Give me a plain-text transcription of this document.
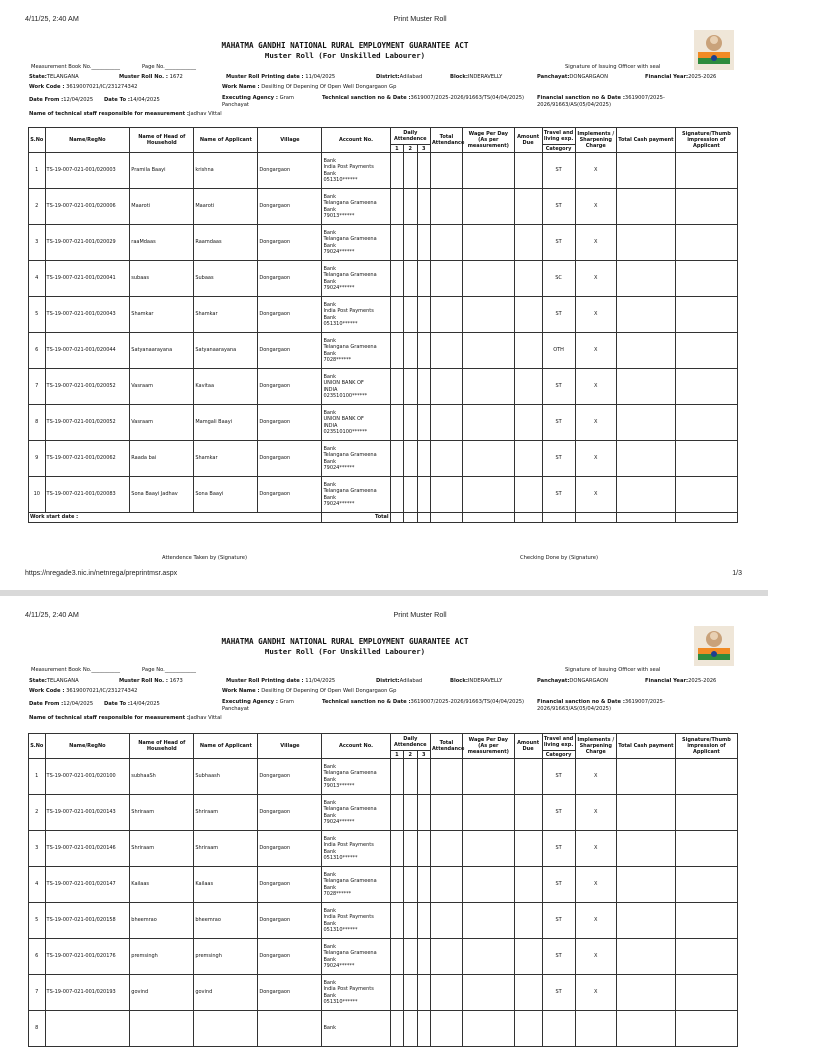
4/11/25, 2:40 AM	Print Muster Roll
MAHATMA GANDHI NATIONAL RURAL EMPLOYMENT GUARANTEE ACT
Muster Roll (For Unskilled Labourer)
Measurement Book No.___________	Page No.____________	Signature of Issuing Officer with seal
State:TELANGANA	Muster Roll No. : 1672	Muster Roll Printing date : 11/04/2025	District:Adilabad	Block:INDERAVELLY	Panchayat:DONGARGAON	Financial Year:2025-2026
Work Code : 3619007021/IC/231274342	Work Name : Desilting Of Depening Of Open Well Dongargaon Gp
Date From :12/04/2025 Date To :14/04/2025	Executing Agency : Gram Panchayat
Technical sanction no & Date :3619007/2025-2026/91663/TS(04/04/2025)	Financial sanction no & Date :3619007/2025-2026/91663/AS(05/04/2025)
Name of technical staff responsible for measurement :Jadhav Vittal
S.No	Name/RegNo	Name of Head of Household	Name of Applicant	Village	Account No.	Daily Attendence			Total Attendance	Wage Per Day (As per measurement)	Amount Due	Travel and living exp.	Implements / Sharpening Charge	Total Cash payment	Signature/Thumb impression of Applicant
						1	2	3				Category			
1	TS-19-007-021-001/020003	Pramila Baayi	krishna	Dongargaon	Bank
India Post Payments
Bank
051310******							ST	X		
2	TS-19-007-021-001/020006	Maaroti	Maaroti	Dongargaon	Bank
Telangana Grameena
Bank
79013******							ST	X		
3	TS-19-007-021-001/020029	raaMdaas	Raamdaas	Dongargaon	Bank
Telangana Grameena
Bank
79024******							ST	X		
4	TS-19-007-021-001/020041	subaas	Subaas	Dongargaon	Bank
Telangana Grameena
Bank
79024******							SC	X		
5	TS-19-007-021-001/020043	Shamkar	Shamkar	Dongargaon	Bank
India Post Payments
Bank
051310******							ST	X		
6	TS-19-007-021-001/020044	Satyanaarayana	Satyanaarayana	Dongargaon	Bank
Telangana Grameena
Bank
7028******							OTH	X		
7	TS-19-007-021-001/020052	Vasraam	Kavitaa	Dongargaon	Bank
UNION BANK OF
INDIA
023510100******							ST	X		
8	TS-19-007-021-001/020052	Vasraam	Mamgali Baayi	Dongargaon	Bank
UNION BANK OF
INDIA
023510100******							ST	X		
9	TS-19-007-021-001/020062	Raada bai	Shamkar	Dongargaon	Bank
Telangana Grameena
Bank
79024******							ST	X		
10	TS-19-007-021-001/020083	Sona Baayi Jadhav	Sona Baayi	Dongargaon	Bank
Telangana Grameena
Bank
79024******							ST	X		
Work start date :					Total										
Attendence Taken by (Signature)	Checking Done by (Signature)
https://nregade3.nic.in/netnrega/preprintmsr.aspx	1/3
4/11/25, 2:40 AM	Print Muster Roll
MAHATMA GANDHI NATIONAL RURAL EMPLOYMENT GUARANTEE ACT
Muster Roll (For Unskilled Labourer)
Measurement Book No.___________	Page No.____________	Signature of Issuing Officer with seal
State:TELANGANA	Muster Roll No. : 1673	Muster Roll Printing date : 11/04/2025	District:Adilabad	Block:INDERAVELLY	Panchayat:DONGARGAON	Financial Year:2025-2026
Work Code : 3619007021/IC/231274342	Work Name : Desilting Of Depening Of Open Well Dongargaon Gp
Date From :12/04/2025 Date To :14/04/2025	Executing Agency : Gram Panchayat
Technical sanction no & Date :3619007/2025-2026/91663/TS(04/04/2025)	Financial sanction no & Date :3619007/2025-2026/91663/AS(05/04/2025)
Name of technical staff responsible for measurement :Jadhav Vittal
S.No	Name/RegNo	Name of Head of Household	Name of Applicant	Village	Account No.	Daily Attendence			Total Attendance	Wage Per Day (As per measurement)	Amount Due	Travel and living exp.	Implements / Sharpening Charge	Total Cash payment	Signature/Thumb impression of Applicant
						1	2	3				Category			
1	TS-19-007-021-001/020100	subhaaSh	Subhaash	Dongargaon	Bank
Telangana Grameena
Bank
79013******							ST	X		
2	TS-19-007-021-001/020143	Shriraam	Shriraam	Dongargaon	Bank
Telangana Grameena
Bank
79024******							ST	X		
3	TS-19-007-021-001/020146	Shriraam	Shriraam	Dongargaon	Bank
India Post Payments
Bank
051310******							ST	X		
4	TS-19-007-021-001/020147	Kailaas	Kailaas	Dongargaon	Bank
Telangana Grameena
Bank
7028******							ST	X		
5	TS-19-007-021-001/020158	bheemrao	bheemrao	Dongargaon	Bank
India Post Payments
Bank
051310******							ST	X		
6	TS-19-007-021-001/020176	premsingh	premsingh	Dongargaon	Bank
Telangana Grameena
Bank
79024******							ST	X		
7	TS-19-007-021-001/020193	govind	govind	Dongargaon	Bank
India Post Payments
Bank
051310******							ST	X		
8					Bank										
